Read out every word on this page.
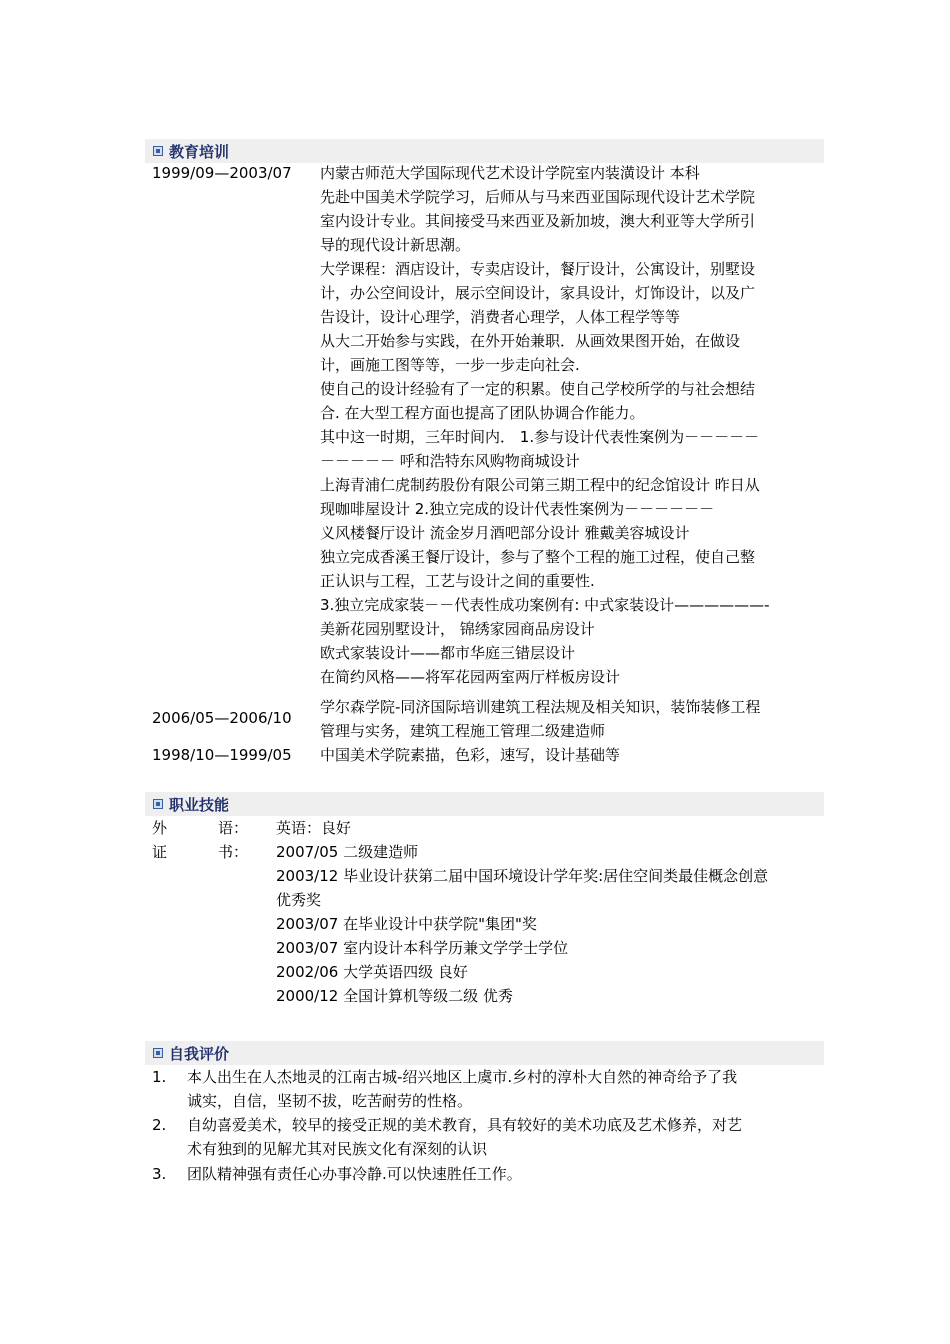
教育培训
1999/09—2003/07 内蒙古师范大学国际现代艺术设计学院室内装潢设计 本科
先赴中国美术学院学习，后师从与马来西亚国际现代设计艺术学院
室内设计专业。其间接受马来西亚及新加坡，澳大利亚等大学所引
导的现代设计新思潮。
大学课程：酒店设计，专卖店设计，餐厅设计，公寓设计，别墅设
计，办公空间设计，展示空间设计，家具设计，灯饰设计，以及广
告设计，设计心理学，消费者心理学，人体工程学等等
从大二开始参与实践，在外开始兼职．从画效果图开始，在做设
计，画施工图等等，一步一步走向社会.
使自己的设计经验有了一定的积累。使自己学校所学的与社会想结
合. 在大型工程方面也提高了团队协调合作能力。
其中这一时期，三年时间内． 1.参与设计代表性案例为－－－－－
－－－－－ 呼和浩特东风购物商城设计
上海青浦仁虎制药股份有限公司第三期工程中的纪念馆设计 昨日从
现咖啡屋设计 2.独立完成的设计代表性案例为－－－－－－
义风楼餐厅设计 流金岁月酒吧部分设计 雅戴美容城设计
独立完成香溪王餐厅设计，参与了整个工程的施工过程，使自己整
正认识与工程，工艺与设计之间的重要性.
3.独立完成家装－－代表性成功案例有: 中式家装设计——————-
美新花园别墅设计， 锦绣家园商品房设计
欧式家装设计——都市华庭三错层设计
在简约风格——将军花园两室两厅样板房设计
2006/05—2006/10
学尔森学院-同济国际培训建筑工程法规及相关知识，装饰装修工程
管理与实务，建筑工程施工管理二级建造师
1998/10—1999/05 中国美术学院素描，色彩，速写，设计基础等
职业技能
外	语： 英语：良好
证	书： 2007/05 二级建造师
2003/12 毕业设计获第二届中国环境设计学年奖:居住空间类最佳概念创意
优秀奖
2003/07 在毕业设计中获学院"集团"奖
2003/07 室内设计本科学历兼文学学士学位
2002/06 大学英语四级 良好
2000/12 全国计算机等级二级 优秀
自我评价
1. 本人出生在人杰地灵的江南古城-绍兴地区上虞市.乡村的淳朴大自然的神奇给予了我
诚实，自信，坚韧不拔，吃苦耐劳的性格。
2. 自幼喜爱美术，较早的接受正规的美术教育，具有较好的美术功底及艺术修养，对艺
术有独到的见解尤其对民族文化有深刻的认识
3. 团队精神强有责任心办事冷静.可以快速胜任工作。
